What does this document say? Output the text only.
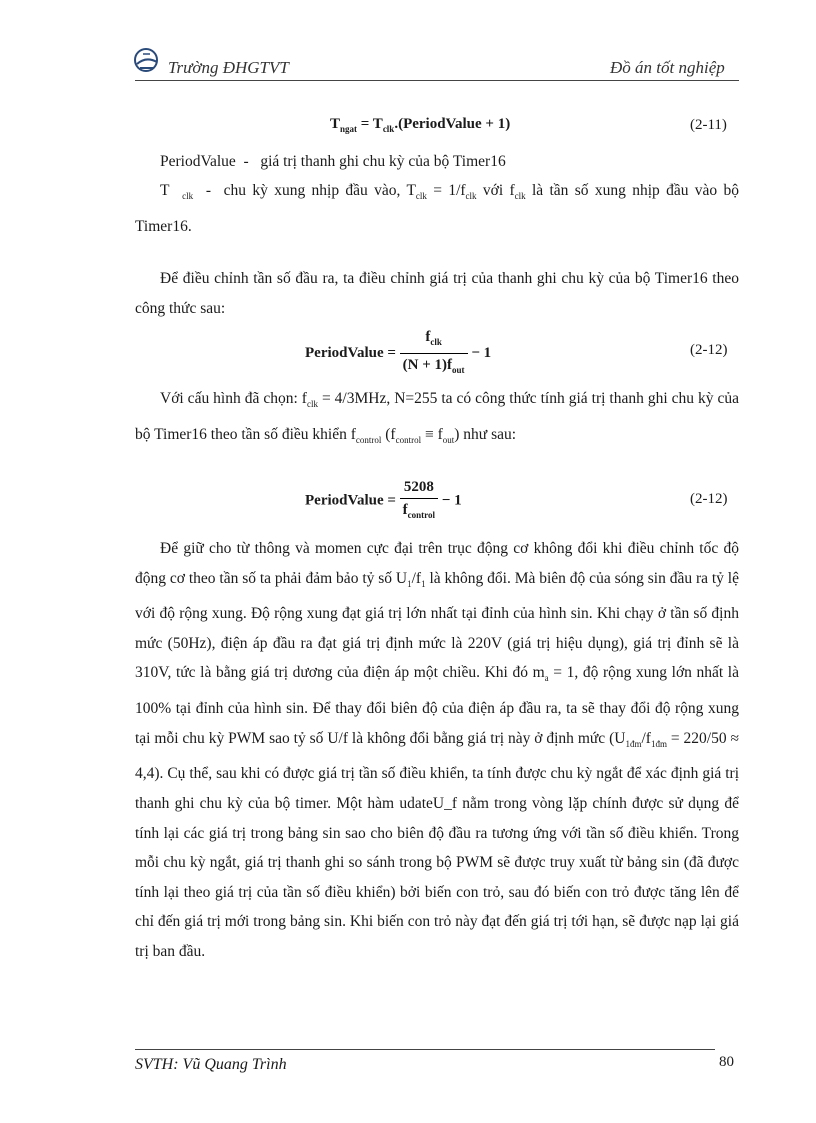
Trường ĐHGTVT	Đồ án tốt nghiệp
$T_{ngat}$ = $T_{clk}.(PeriodValue + 1)$	(2-11)

PeriodValue - giá trị thanh ghi chu kỳ của bộ Timer16

T $_{clk}$ - chu kỳ xung nhịp đầu vào, $T_{clk} = 1/f_{clk}$ với $f_{clk}$ là tần số xung nhịp đầu vào bộ Timer16.

Để điều chỉnh tần số đầu ra, ta điều chỉnh giá trị của thanh ghi chu kỳ của bộ Timer16 theo công thức sau:

PeriodValue = $\frac{f_{clk}}{(N + 1)f_{out}} - 1$	(2-12)

Với cấu hình đã chọn: $f_{clk} = 4/3MHz$, N=255 ta có công thức tính giá trị thanh ghi chu kỳ của bộ Timer16 theo tần số điều khiển $f_{control}$ $(f_{control} \equiv f_{out})$ như sau:

PeriodValue = $\frac{5208}{f_{control}} - 1$	(2-12)

Để giữ cho từ thông và momen cực đại trên trục động cơ không đổi khi điều chỉnh tốc độ động cơ theo tần số ta phải đảm bảo tỷ số $U_1/f_1$ là không đổi. Mà biên độ của sóng sin đầu ra tỷ lệ với độ rộng xung. Độ rộng xung đạt giá trị lớn nhất tại đỉnh của hình sin. Khi chạy ở tần số định mức (50Hz), điện áp đầu ra đạt giá trị định mức là 220V (giá trị hiệu dụng), giá trị đỉnh sẽ là 310V, tức là bằng giá trị dương của điện áp một chiều. Khi đó $m_a = 1$, độ rộng xung lớn nhất là 100% tại đỉnh của hình sin. Để thay đổi biên độ của điện áp đầu ra, ta sẽ thay đổi độ rộng xung tại mỗi chu kỳ PWM sao tỷ số U/f là không đổi bằng giá trị này ở định mức $(U_{1đm}/f_{1đm} = 220/50 \approx 4,4)$. Cụ thể, sau khi có được giá trị tần số điều khiển, ta tính được chu kỳ ngắt để xác định giá trị thanh ghi chu kỳ của bộ timer. Một hàm udateU_f nằm trong vòng lặp chính được sử dụng để tính lại các giá trị trong bảng sin sao cho biên độ đầu ra tương ứng với tần số điều khiển. Trong mỗi chu kỳ ngắt, giá trị thanh ghi so sánh trong bộ PWM sẽ được truy xuất từ bảng sin (đã được tính lại theo giá trị của tần số điều khiển) bởi biến con trỏ, sau đó biến con trỏ được tăng lên để chỉ đến giá trị mới trong bảng sin. Khi biến con trỏ này đạt đến giá trị tới hạn, sẽ được nạp lại giá trị ban đầu.

SVTH: Vũ Quang Trình	80
